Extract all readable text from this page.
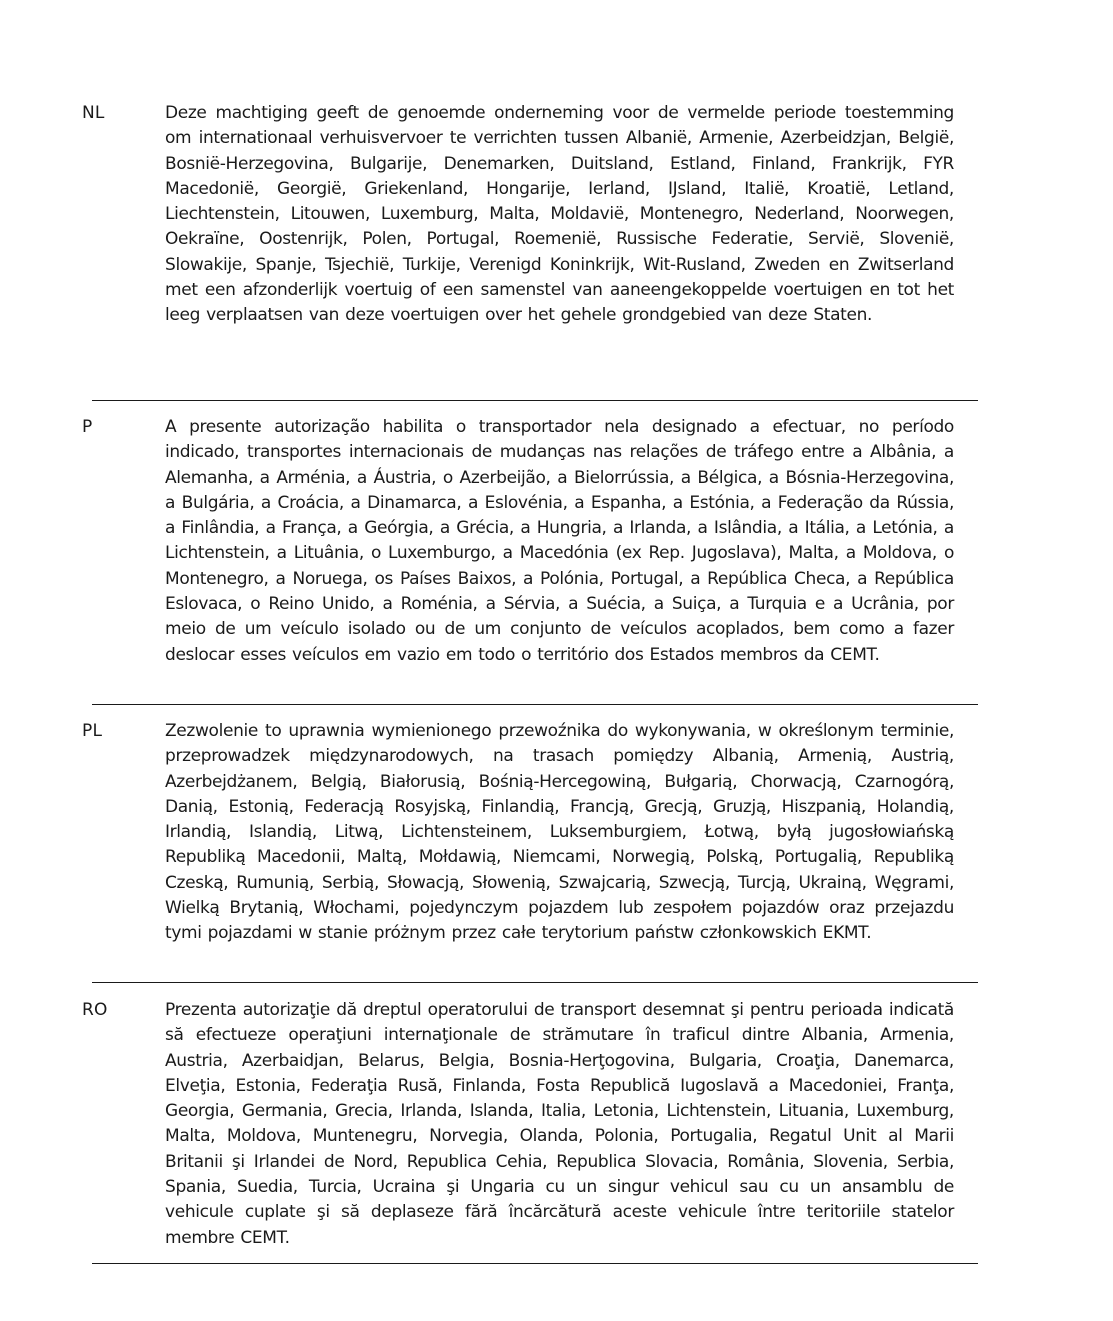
NL	Deze machtiging geeft de genoemde onderneming voor de vermelde periode toestemming om internationaal verhuisvervoer te verrichten tussen Albanië, Armenie, Azerbeidzjan, België, Bosnië-Herzegovina, Bulgarije, Denemarken, Duitsland, Estland, Finland, Frankrijk, FYR Macedonië, Georgië, Griekenland, Hongarije, Ierland, IJsland, Italië, Kroatië, Letland, Liechtenstein, Litouwen, Luxemburg, Malta, Moldavië, Montenegro, Nederland, Noorwegen, Oekraïne, Oostenrijk, Polen, Portugal, Roemenië, Russische Federatie, Servië, Slovenië, Slowakije, Spanje, Tsjechië, Turkije, Verenigd Koninkrijk, Wit-Rusland, Zweden en Zwitserland met een afzonderlijk voertuig of een samenstel van aaneengekoppelde voertuigen en tot het leeg verplaatsen van deze voertuigen over het gehele grondgebied van deze Staten.
P	A presente autorização habilita o transportador nela designado a efectuar, no período indicado, transportes internacionais de mudanças nas relações de tráfego entre a Albânia, a Alemanha, a Arménia, a Áustria, o Azerbeijão, a Bielorrússia, a Bélgica, a Bósnia-Herzegovina, a Bulgária, a Croácia, a Dinamarca, a Eslovénia, a Espanha, a Estónia, a Federação da Rússia, a Finlândia, a França, a Geórgia, a Grécia, a Hungria, a Irlanda, a Islândia, a Itália, a Letónia, a Lichtenstein, a Lituânia, o Luxemburgo, a Macedónia (ex Rep. Jugoslava), Malta, a Moldova, o Montenegro, a Noruega, os Países Baixos, a Polónia, Portugal, a República Checa, a República Eslovaca, o Reino Unido, a Roménia, a Sérvia, a Suécia, a Suiça, a Turquia e a Ucrânia, por meio de um veículo isolado ou de um conjunto de veículos acoplados, bem como a fazer deslocar esses veículos em vazio em todo o território dos Estados membros da CEMT.
PL	Zezwolenie to uprawnia wymienionego przewoźnika do wykonywania, w określonym terminie, przeprowadzek międzynarodowych, na trasach pomiędzy Albanią, Armenią, Austrią, Azerbejdżanem, Belgią, Białorusią, Bośnią-Hercegowiną, Bułgarią, Chorwacją, Czarnogórą, Danią, Estonią, Federacją Rosyjską, Finlandią, Francją, Grecją, Gruzją, Hiszpanią, Holandią, Irlandią, Islandią, Litwą, Lichtensteinem, Luksemburgiem, Łotwą, byłą jugosłowiańską Republiką Macedonii, Maltą, Mołdawią, Niemcami, Norwegią, Polską, Portugalią, Republiką Czeską, Rumunią, Serbią, Słowacją, Słowenią, Szwajcarią, Szwecją, Turcją, Ukrainą, Węgrami, Wielką Brytanią, Włochami, pojedynczym pojazdem lub zespołem pojazdów oraz przejazdu tymi pojazdami w stanie próżnym przez całe terytorium państw członkowskich EKMT.
RO	Prezenta autorizaţie dă dreptul operatorului de transport desemnat şi pentru perioada indicată să efectueze operaţiuni internaţionale de strămutare în traficul dintre Albania, Armenia, Austria, Azerbaidjan, Belarus, Belgia, Bosnia-Herţogovina, Bulgaria, Croaţia, Danemarca, Elveţia, Estonia, Federaţia Rusă, Finlanda, Fosta Republică Iugoslavă a Macedoniei, Franţa, Georgia, Germania, Grecia, Irlanda, Islanda, Italia, Letonia, Lichtenstein, Lituania, Luxemburg, Malta, Moldova, Muntenegru, Norvegia, Olanda, Polonia, Portugalia, Regatul Unit al Marii Britanii şi Irlandei de Nord, Republica Cehia, Republica Slovacia, România, Slovenia, Serbia, Spania, Suedia, Turcia, Ucraina şi Ungaria cu un singur vehicul sau cu un ansamblu de vehicule cuplate şi să deplaseze fără încărcătură aceste vehicule între teritoriile statelor membre CEMT.
